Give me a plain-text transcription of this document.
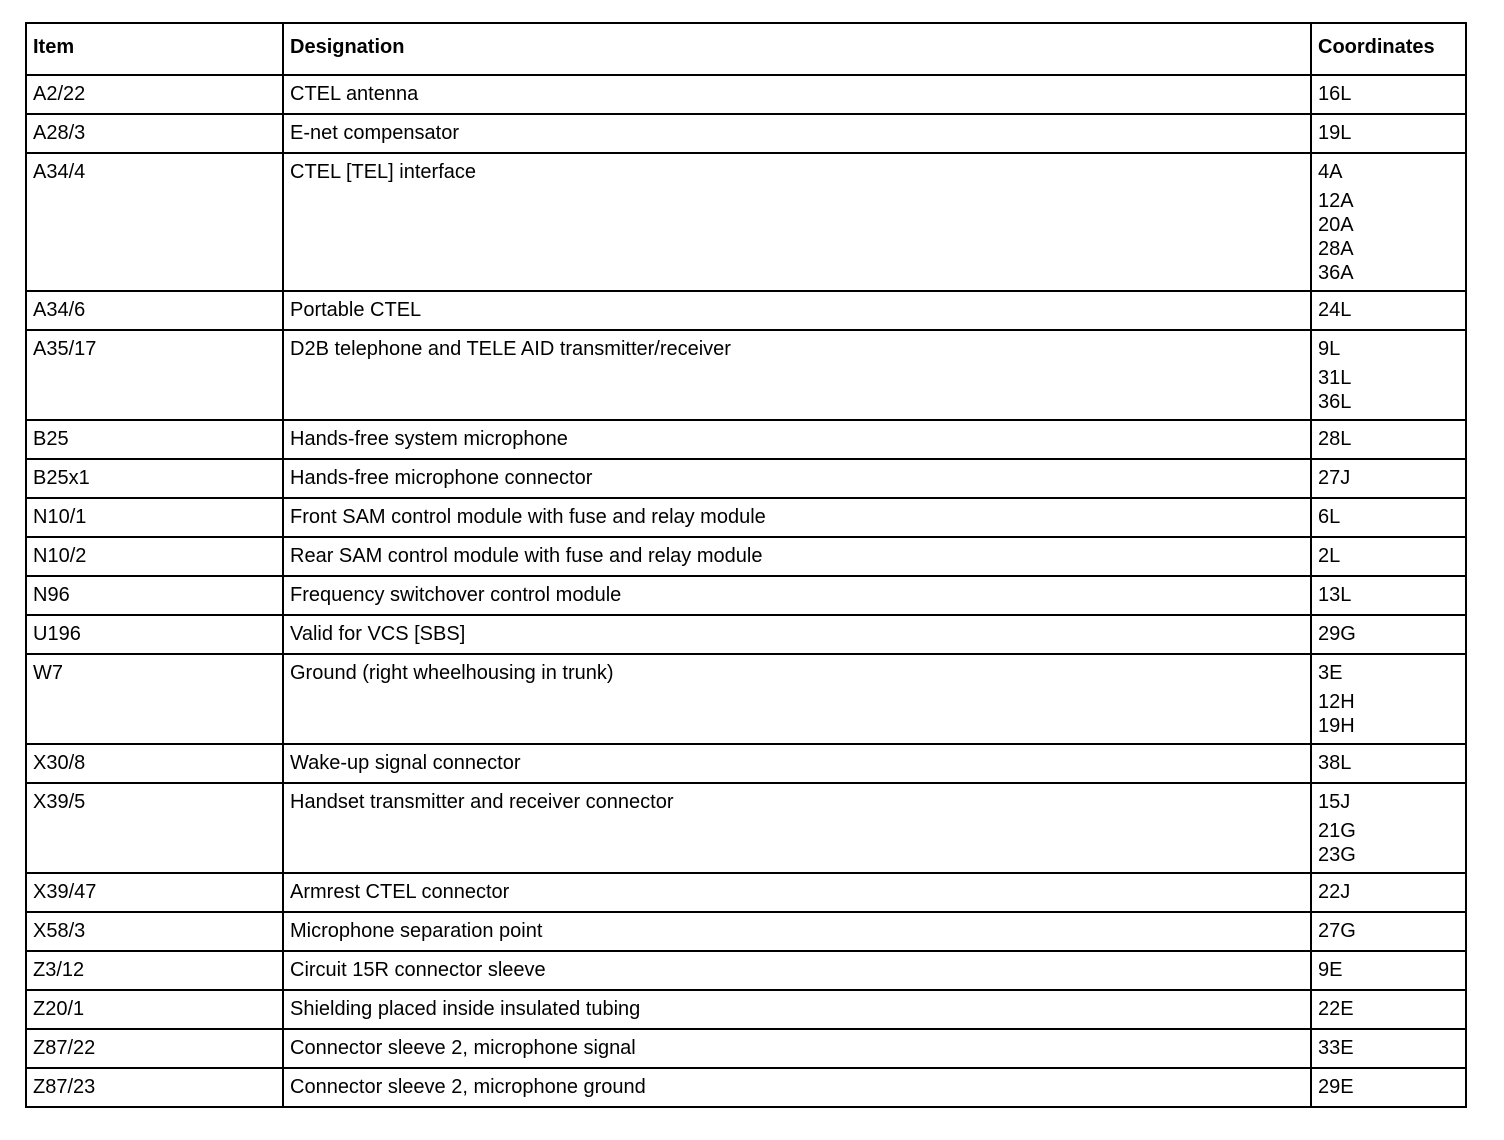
Item	Designation	Coordinates
A2/22	CTEL antenna	16L

A28/3	E-net compensator	19L

A34/4	CTEL [TEL] interface	4A
12A
20A
28A
36A

A34/6	Portable CTEL	24L

A35/17	D2B telephone and TELE AID transmitter/receiver	9L
31L
36L

B25	Hands-free system microphone	28L

B25x1	Hands-free microphone connector	27J

N10/1	Front SAM control module with fuse and relay module	6L

N10/2	Rear SAM control module with fuse and relay module	2L

N96	Frequency switchover control module	13L

U196	Valid for VCS [SBS]	29G

W7	Ground (right wheelhousing in trunk)	3E
12H
19H

X30/8	Wake-up signal connector	38L

X39/5	Handset transmitter and receiver connector	15J
21G
23G

X39/47	Armrest CTEL connector	22J

X58/3	Microphone separation point	27G

Z3/12	Circuit 15R connector sleeve	9E

Z20/1	Shielding placed inside insulated tubing	22E

Z87/22	Connector sleeve 2, microphone signal	33E

Z87/23	Connector sleeve 2, microphone ground	29E
